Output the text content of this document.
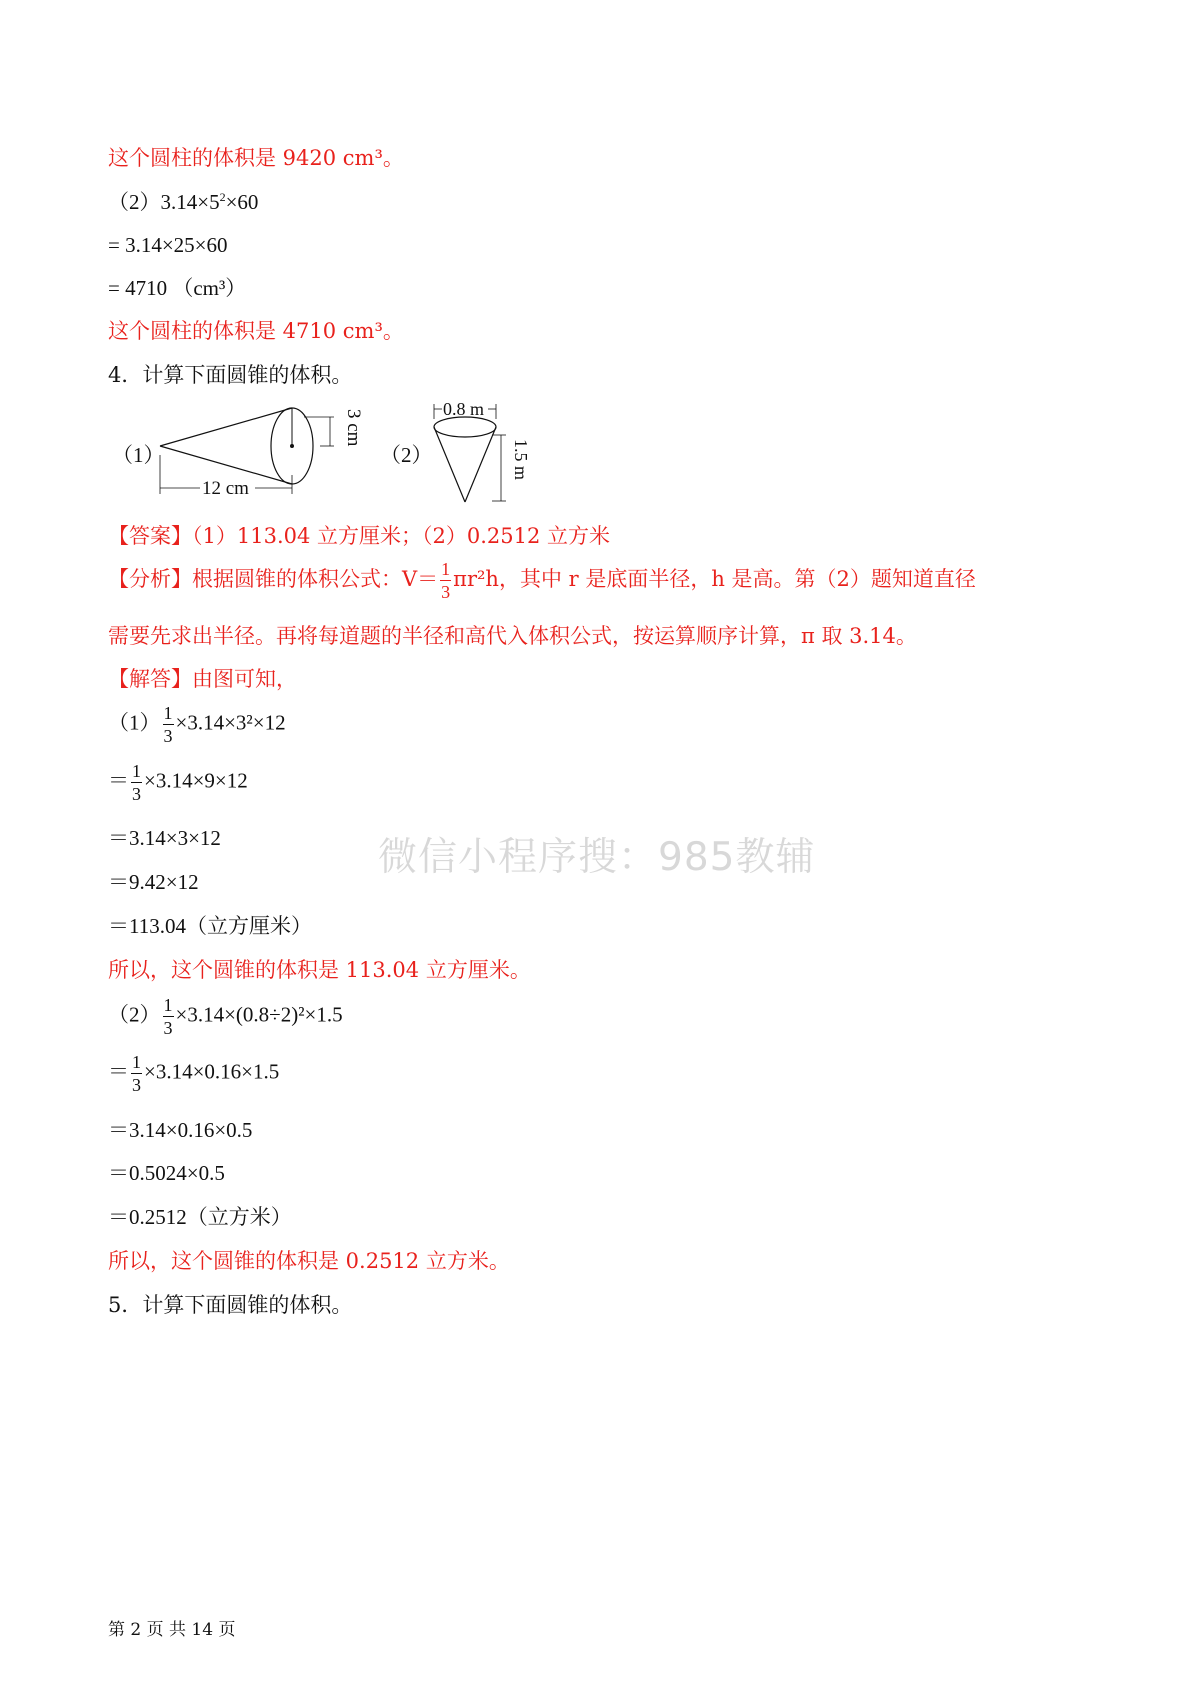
这个圆柱的体积是 9420 cm³。
$(2)3.14\times 5^2\times 60$
= 3.14×25×60
= 4710 （cm³）
这个圆柱的体积是 4710 cm³。
4．计算下面圆锥的体积。
（1）
3 cm
12 cm
（2）
0.8 m
1.5 m
【答案】（1）113.04 立方厘米；（2）0.2512 立方米
【分析】根据圆锥的体积公式：$V= \frac{1}{3} \pi r^2h$，其中 r 是底面半径，h 是高。第（2）题知道直径
需要先求出半径。再将每道题的半径和高代入体积公式，按运算顺序计算，π 取 3.14。
【解答】由图可知，
$(1) \frac{1}{3} \times 3.14\times 3^2\times 12$
＝ $\frac{1}{3} \times 3.14\times 9\times 12$
＝3.14×3×12
＝9.42×12
＝113.04（立方厘米）
所以，这个圆锥的体积是 113.04 立方厘米。
$(2) \frac{1}{3} \times 3.14\times(0.8\div 2)^2\times 1.5$
＝ $\frac{1}{3} \times 3.14\times 0.16\times 1.5$
＝3.14×0.16×0.5
＝0.5024×0.5
＝0.2512（立方米）
所以，这个圆锥的体积是 0.2512 立方米。
5．计算下面圆锥的体积。
微信小程序搜：985教辅
第 2 页 共 14 页
